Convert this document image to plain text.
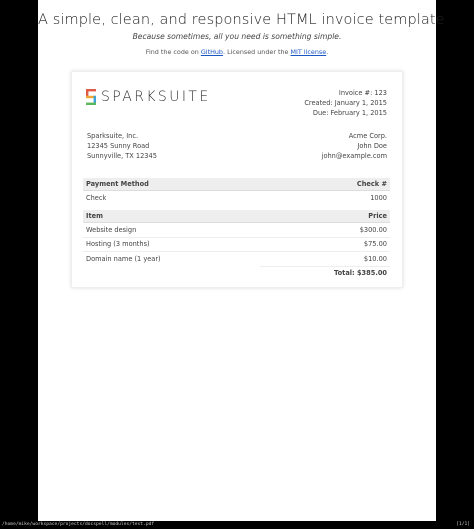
A simple, clean, and responsive HTML invoice template
Because sometimes, all you need is something simple.
Find the code on GitHub. Licensed under the MIT license.
SPARKSUITE	Invoice #: 123
Created: January 1, 2015
Due: February 1, 2015
Sparksuite, Inc.
12345 Sunny Road
Sunnyville, TX 12345
Acme Corp.
John Doe
john@example.com
Payment Method	Check #
Check	1000

Item	Price
Website design	$300.00
Hosting (3 months)	$75.00
Domain name (1 year)	$10.00
	Total: $385.00
/home/mike/workspace/projects/docspell/modules/test.pdf	[1/1]
